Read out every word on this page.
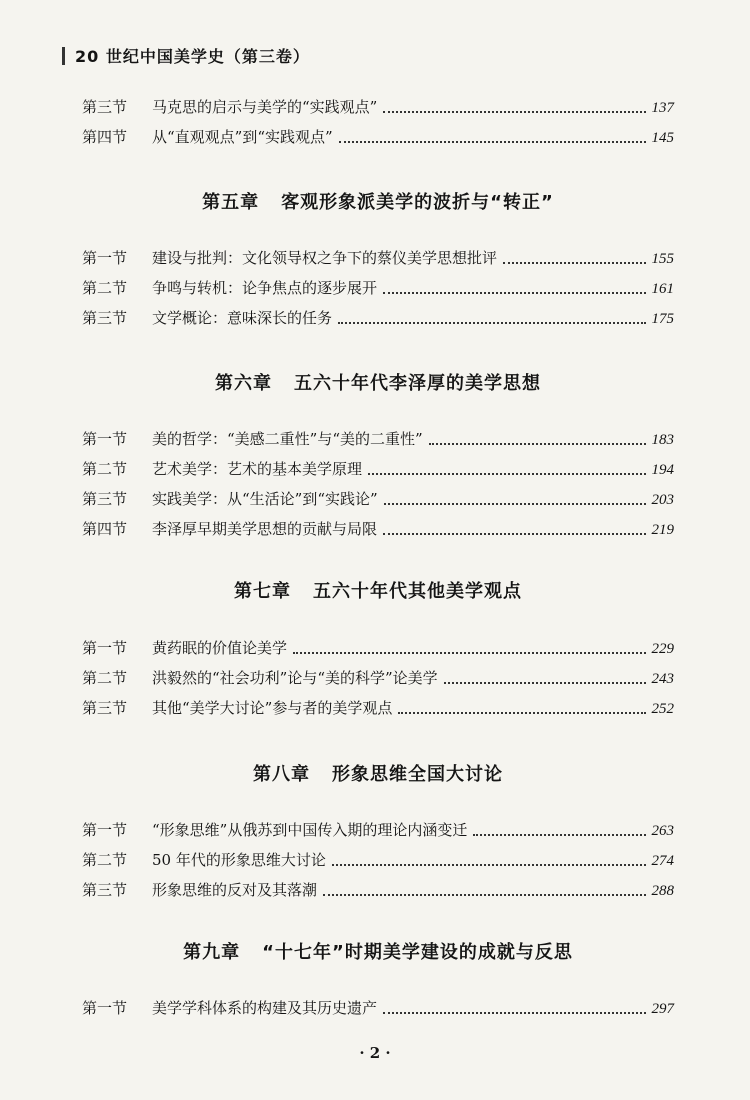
20 世纪中国美学史（第三卷）
第三节	马克思的启示与美学的“实践观点”	137
第四节	从“直观观点”到“实践观点”	145
第五章 客观形象派美学的波折与“转正”
第一节	建设与批判：文化领导权之争下的蔡仪美学思想批评	155
第二节	争鸣与转机：论争焦点的逐步展开	161
第三节	文学概论：意味深长的任务	175
第六章 五六十年代李泽厚的美学思想
第一节	美的哲学：“美感二重性”与“美的二重性”	183
第二节	艺术美学：艺术的基本美学原理	194
第三节	实践美学：从“生活论”到“实践论”	203
第四节	李泽厚早期美学思想的贡献与局限	219
第七章 五六十年代其他美学观点
第一节	黄药眠的价值论美学	229
第二节	洪毅然的“社会功利”论与“美的科学”论美学	243
第三节	其他“美学大讨论”参与者的美学观点	252
第八章 形象思维全国大讨论
第一节	“形象思维”从俄苏到中国传入期的理论内涵变迁	263
第二节	50 年代的形象思维大讨论	274
第三节	形象思维的反对及其落潮	288
第九章 “十七年”时期美学建设的成就与反思
第一节	美学学科体系的构建及其历史遗产	297
· 2 ·
